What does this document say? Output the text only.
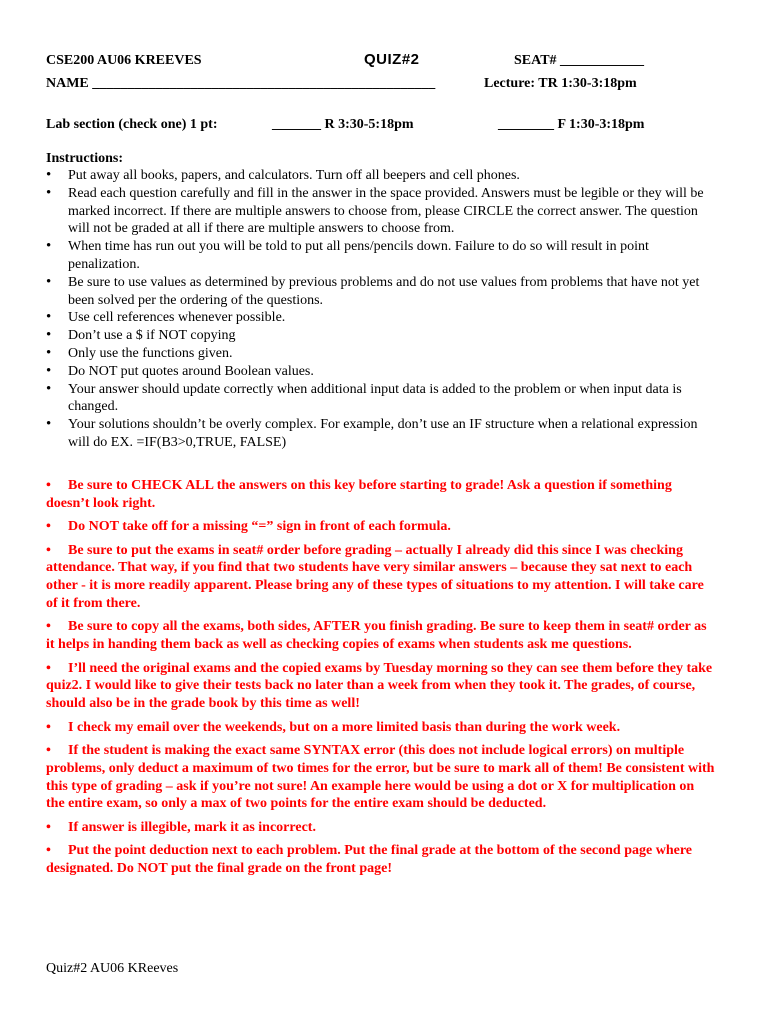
CSE200 AU06 KREEVES	QUIZ#2	SEAT# ____________
NAME _________________________________________________	Lecture: TR 1:30-3:18pm
Lab section (check one) 1 pt:	_______ R 3:30-5:18pm	________ F 1:30-3:18pm
Instructions:
• Put away all books, papers, and calculators. Turn off all beepers and cell phones.
• Read each question carefully and fill in the answer in the space provided. Answers must be legible or they will be marked incorrect. If there are multiple answers to choose from, please CIRCLE the correct answer. The question will not be graded at all if there are multiple answers to choose from.
• When time has run out you will be told to put all pens/pencils down. Failure to do so will result in point penalization.
• Be sure to use values as determined by previous problems and do not use values from problems that have not yet been solved per the ordering of the questions.
• Use cell references whenever possible.
• Don’t use a $ if NOT copying
• Only use the functions given.
• Do NOT put quotes around Boolean values.
• Your answer should update correctly when additional input data is added to the problem or when input data is changed.
• Your solutions shouldn’t be overly complex. For example, don’t use an IF structure when a relational expression will do EX. =IF(B3>0,TRUE, FALSE)

• Be sure to CHECK ALL the answers on this key before starting to grade! Ask a question if something doesn’t look right.

• Do NOT take off for a missing “=” sign in front of each formula.

• Be sure to put the exams in seat# order before grading – actually I already did this since I was checking attendance. That way, if you find that two students have very similar answers – because they sat next to each other - it is more readily apparent. Please bring any of these types of situations to my attention. I will take care of it from there.

• Be sure to copy all the exams, both sides, AFTER you finish grading. Be sure to keep them in seat# order as it helps in handing them back as well as checking copies of exams when students ask me questions.

• I’ll need the original exams and the copied exams by Tuesday morning so they can see them before they take quiz2. I would like to give their tests back no later than a week from when they took it. The grades, of course, should also be in the grade book by this time as well!

• I check my email over the weekends, but on a more limited basis than during the work week.

• If the student is making the exact same SYNTAX error (this does not include logical errors) on multiple problems, only deduct a maximum of two times for the error, but be sure to mark all of them! Be consistent with this type of grading – ask if you’re not sure! An example here would be using a dot or X for multiplication on the entire exam, so only a max of two points for the entire exam should be deducted.

• If answer is illegible, mark it as incorrect.

• Put the point deduction next to each problem. Put the final grade at the bottom of the second page where designated. Do NOT put the final grade on the front page!

Quiz#2 AU06 KReeves
